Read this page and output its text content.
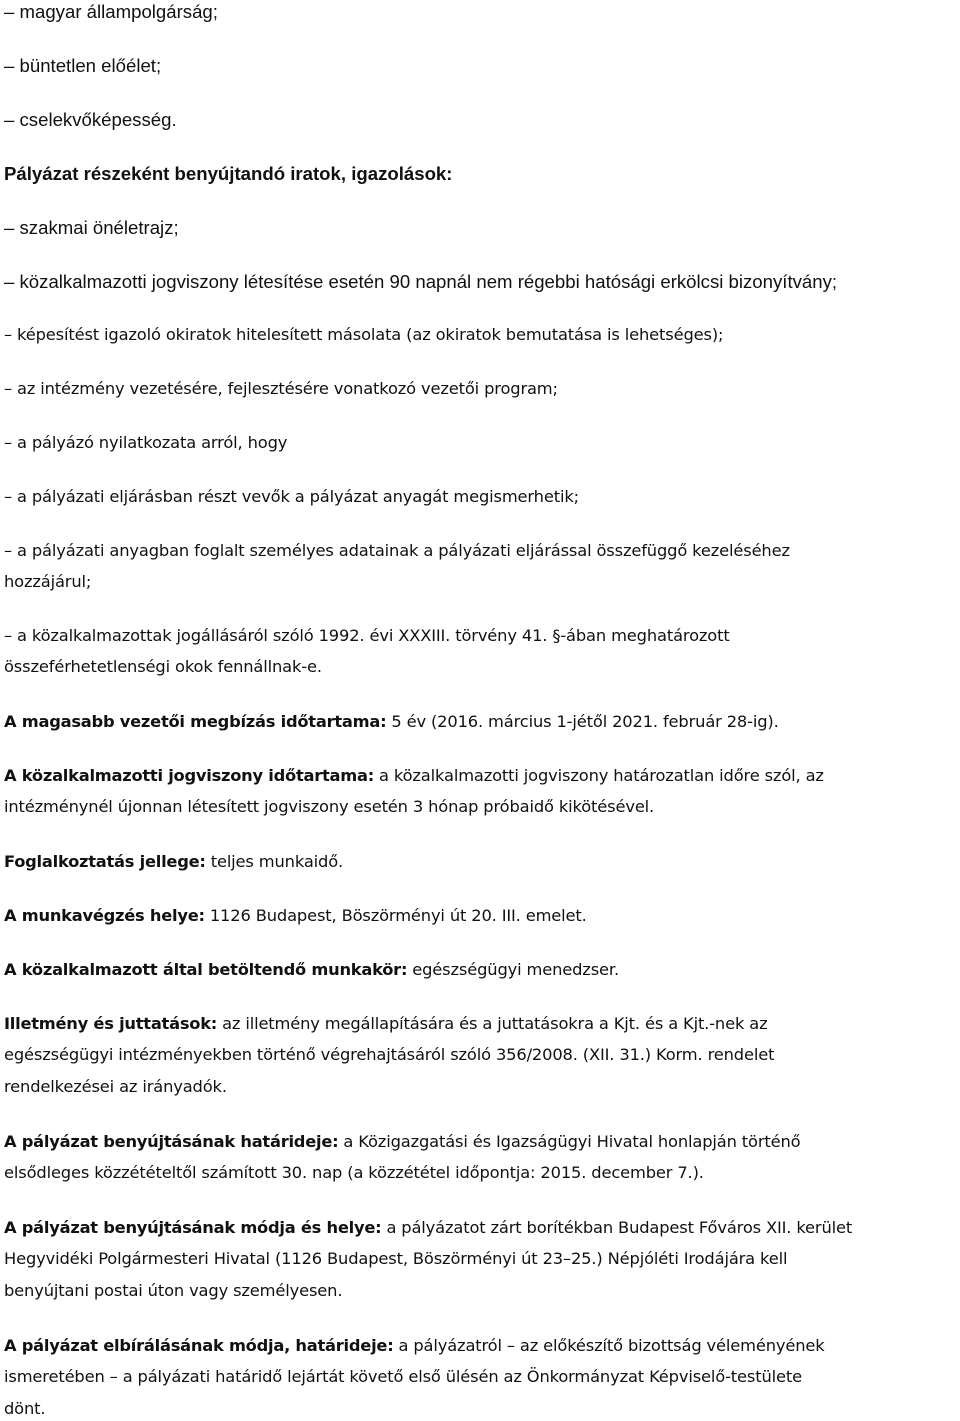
– magyar állampolgárság;
– büntetlen előélet;
– cselekvőképesség.
Pályázat részeként benyújtandó iratok, igazolások:
– szakmai önéletrajz;
– közalkalmazotti jogviszony létesítése esetén 90 napnál nem régebbi hatósági erkölcsi bizonyítvány;
– képesítést igazoló okiratok hitelesített másolata (az okiratok bemutatása is lehetséges);
– az intézmény vezetésére, fejlesztésére vonatkozó vezetői program;
– a pályázó nyilatkozata arról, hogy
– a pályázati eljárásban részt vevők a pályázat anyagát megismerhetik;
– a pályázati anyagban foglalt személyes adatainak a pályázati eljárással összefüggő kezeléséhez
hozzájárul;
– a közalkalmazottak jogállásáról szóló 1992. évi XXXIII. törvény 41. §-ában meghatározott
összeférhetetlenségi okok fennállnak-e.
A magasabb vezetői megbízás időtartama: 5 év (2016. március 1-jétől 2021. február 28-ig).
A közalkalmazotti jogviszony időtartama: a közalkalmazotti jogviszony határozatlan időre szól, az
intézménynél újonnan létesített jogviszony esetén 3 hónap próbaidő kikötésével.
Foglalkoztatás jellege: teljes munkaidő.
A munkavégzés helye: 1126 Budapest, Böszörményi út 20. III. emelet.
A közalkalmazott által betöltendő munkakör: egészségügyi menedzser.
Illetmény és juttatások: az illetmény megállapítására és a juttatásokra a Kjt. és a Kjt.-nek az
egészségügyi intézményekben történő végrehajtásáról szóló 356/2008. (XII. 31.) Korm. rendelet
rendelkezései az irányadók.
A pályázat benyújtásának határideje: a Közigazgatási és Igazságügyi Hivatal honlapján történő
elsődleges közzétételtől számított 30. nap (a közzététel időpontja: 2015. december 7.).
A pályázat benyújtásának módja és helye: a pályázatot zárt borítékban Budapest Főváros XII. kerület
Hegyvidéki Polgármesteri Hivatal (1126 Budapest, Böszörményi út 23–25.) Népjóléti Irodájára kell
benyújtani postai úton vagy személyesen.
A pályázat elbírálásának módja, határideje: a pályázatról – az előkészítő bizottság véleményének
ismeretében – a pályázati határidő lejártát követő első ülésén az Önkormányzat Képviselő-testülete
dönt.
